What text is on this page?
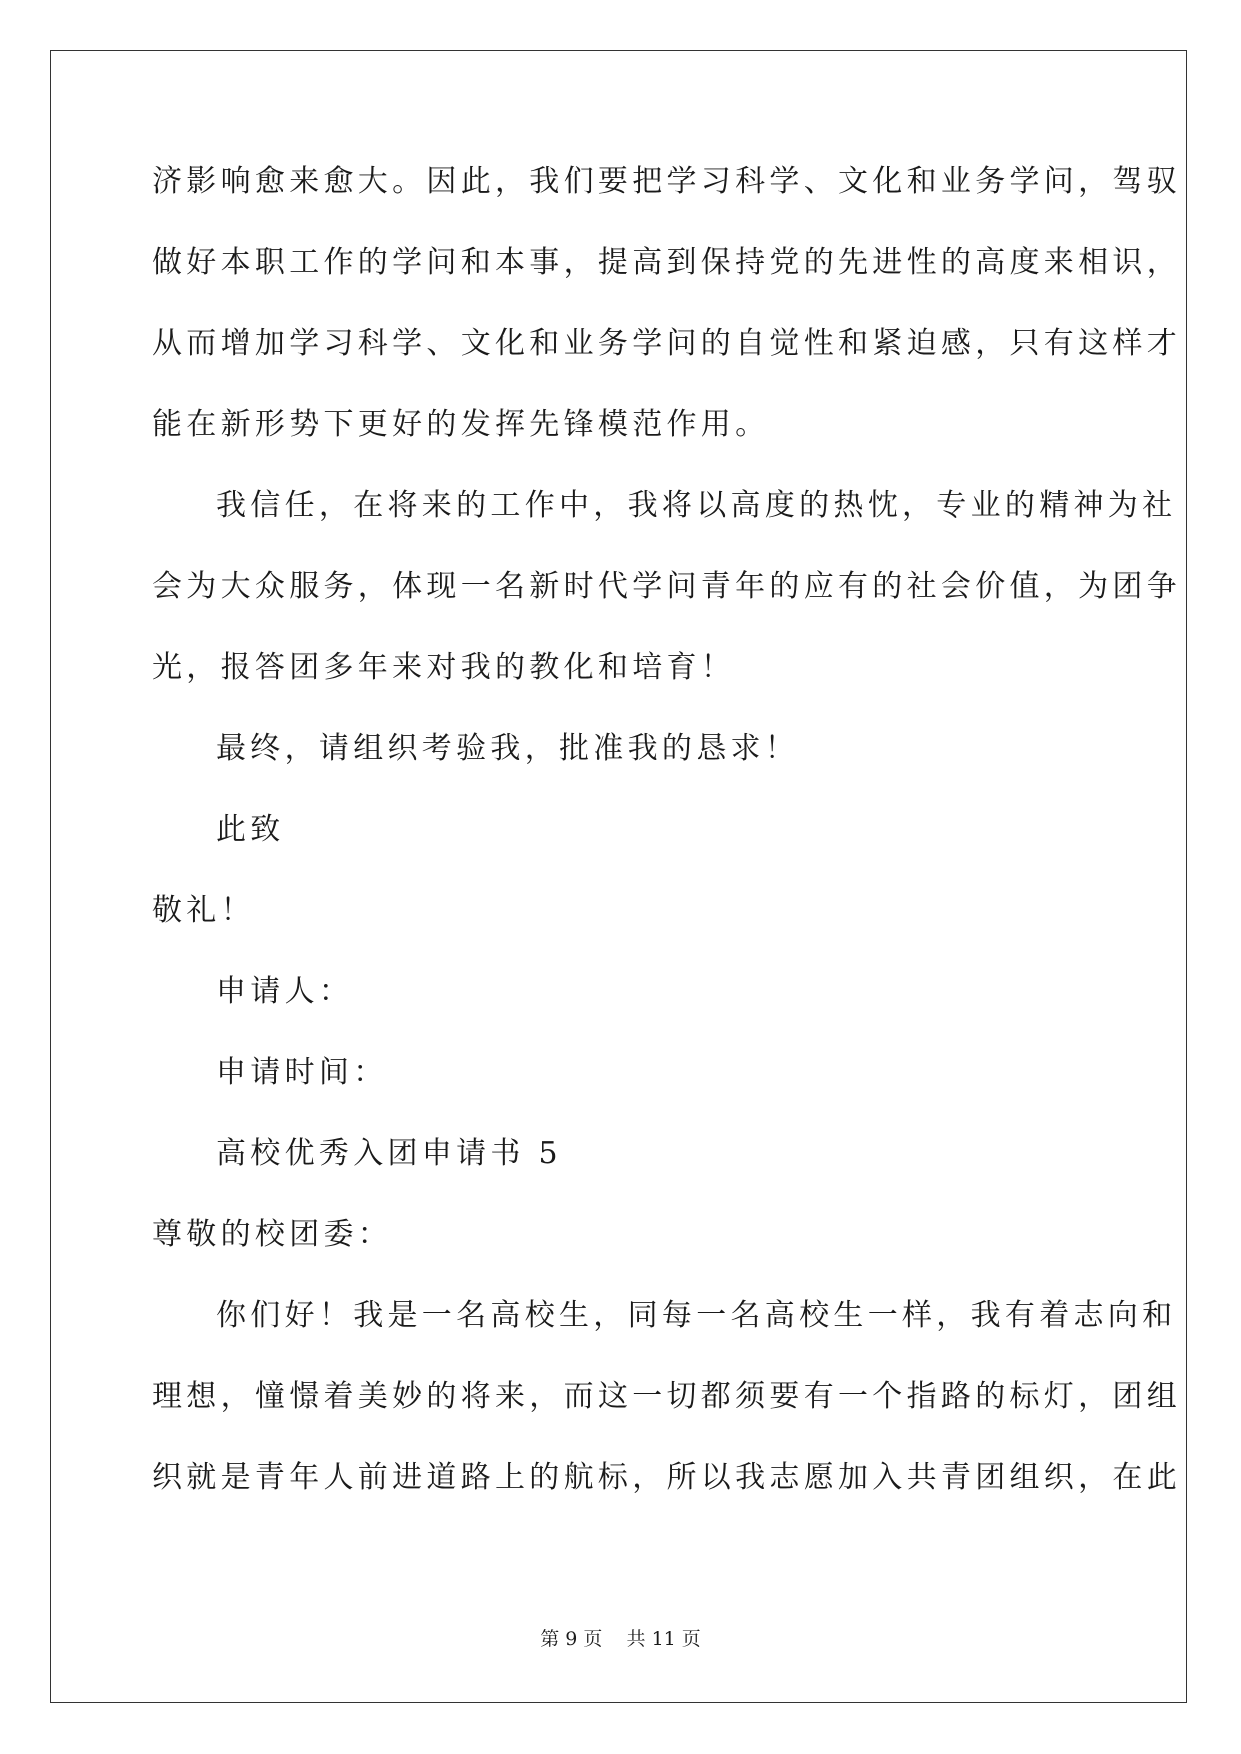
济影响愈来愈大。因此，我们要把学习科学、文化和业务学问，驾驭
做好本职工作的学问和本事，提高到保持党的先进性的高度来相识，
从而增加学习科学、文化和业务学问的自觉性和紧迫感，只有这样才
能在新形势下更好的发挥先锋模范作用。
我信任，在将来的工作中，我将以高度的热忱，专业的精神为社
会为大众服务，体现一名新时代学问青年的应有的社会价值，为团争
光，报答团多年来对我的教化和培育！
最终，请组织考验我，批准我的恳求！
此致
敬礼！
申请人：
申请时间：
高校优秀入团申请书 5
尊敬的校团委：
你们好！我是一名高校生，同每一名高校生一样，我有着志向和
理想，憧憬着美妙的将来，而这一切都须要有一个指路的标灯，团组
织就是青年人前进道路上的航标，所以我志愿加入共青团组织，在此
第 9 页 共 11 页
